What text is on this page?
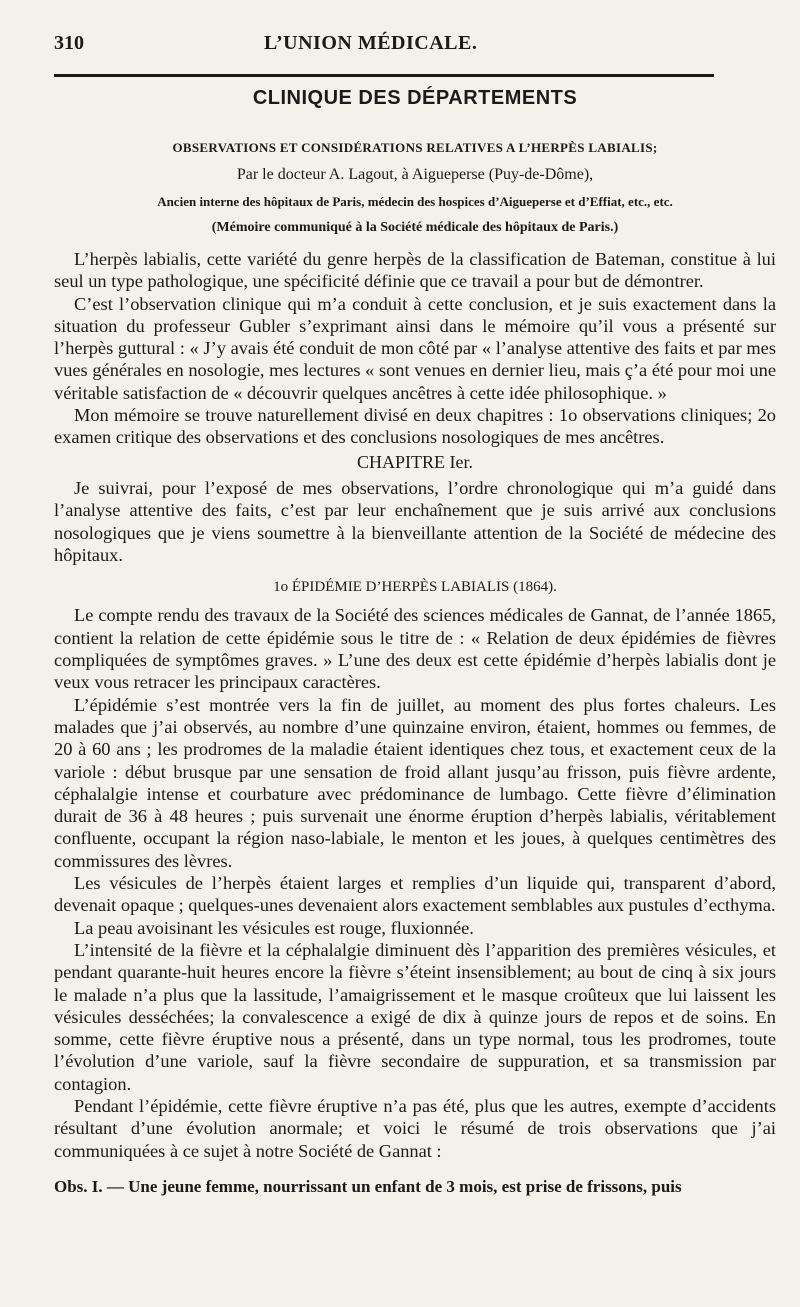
310	L’UNION MÉDICALE.
CLINIQUE DES DÉPARTEMENTS
OBSERVATIONS ET CONSIDÉRATIONS RELATIVES A L’HERPÈS LABIALIS;
Par le docteur A. Lagout, à Aigueperse (Puy-de-Dôme),
Ancien interne des hôpitaux de Paris, médecin des hospices d’Aigueperse et d’Effiat, etc., etc.
(Mémoire communiqué à la Société médicale des hôpitaux de Paris.)

L’herpès labialis, cette variété du genre herpès de la classification de Bateman, constitue à lui seul un type pathologique, une spécificité définie que ce travail a pour but de démontrer.

C’est l’observation clinique qui m’a conduit à cette conclusion, et je suis exactement dans la situation du professeur Gubler s’exprimant ainsi dans le mémoire qu’il vous a présenté sur l’herpès guttural : « J’y avais été conduit de mon côté par « l’analyse attentive des faits et par mes vues générales en nosologie, mes lectures « sont venues en dernier lieu, mais ç’a été pour moi une véritable satisfaction de « découvrir quelques ancêtres à cette idée philosophique. »

Mon mémoire se trouve naturellement divisé en deux chapitres : 1o observations cliniques; 2o examen critique des observations et des conclusions nosologiques de mes ancêtres.

CHAPITRE Ier.

Je suivrai, pour l’exposé de mes observations, l’ordre chronologique qui m’a guidé dans l’analyse attentive des faits, c’est par leur enchaînement que je suis arrivé aux conclusions nosologiques que je viens soumettre à la bienveillante attention de la Société de médecine des hôpitaux.

1o ÉPIDÉMIE D’HERPÈS LABIALIS (1864).

Le compte rendu des travaux de la Société des sciences médicales de Gannat, de l’année 1865, contient la relation de cette épidémie sous le titre de : « Relation de deux épidémies de fièvres compliquées de symptômes graves. » L’une des deux est cette épidémie d’herpès labialis dont je veux vous retracer les principaux caractères.

L’épidémie s’est montrée vers la fin de juillet, au moment des plus fortes chaleurs. Les malades que j’ai observés, au nombre d’une quinzaine environ, étaient, hommes ou femmes, de 20 à 60 ans ; les prodromes de la maladie étaient identiques chez tous, et exactement ceux de la variole : début brusque par une sensation de froid allant jusqu’au frisson, puis fièvre ardente, céphalalgie intense et courbature avec prédominance de lumbago. Cette fièvre d’élimination durait de 36 à 48 heures ; puis survenait une énorme éruption d’herpès labialis, véritablement confluente, occupant la région naso-labiale, le menton et les joues, à quelques centimètres des commissures des lèvres.

Les vésicules de l’herpès étaient larges et remplies d’un liquide qui, transparent d’abord, devenait opaque ; quelques-unes devenaient alors exactement semblables aux pustules d’ecthyma.

La peau avoisinant les vésicules est rouge, fluxionnée.

L’intensité de la fièvre et la céphalalgie diminuent dès l’apparition des premières vésicules, et pendant quarante-huit heures encore la fièvre s’éteint insensiblement; au bout de cinq à six jours le malade n’a plus que la lassitude, l’amaigrissement et le masque croûteux que lui laissent les vésicules desséchées; la convalescence a exigé de dix à quinze jours de repos et de soins. En somme, cette fièvre éruptive nous a présenté, dans un type normal, tous les prodromes, toute l’évolution d’une variole, sauf la fièvre secondaire de suppuration, et sa transmission par contagion.

Pendant l’épidémie, cette fièvre éruptive n’a pas été, plus que les autres, exempte d’accidents résultant d’une évolution anormale; et voici le résumé de trois observations que j’ai communiquées à ce sujet à notre Société de Gannat :

Obs. I. — Une jeune femme, nourrissant un enfant de 3 mois, est prise de frissons, puis
